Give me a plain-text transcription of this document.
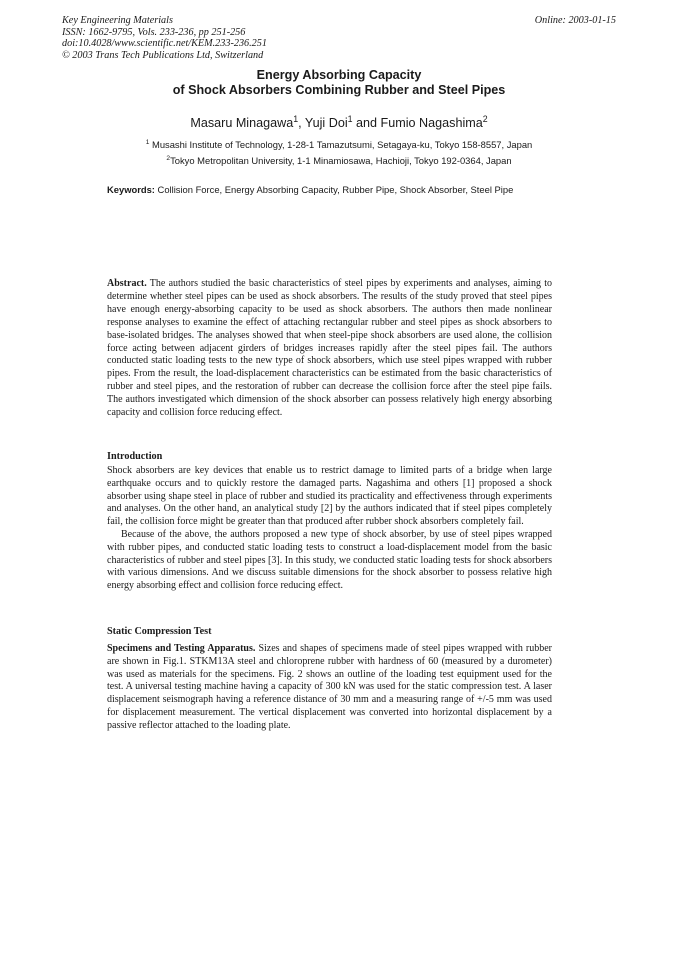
Key Engineering Materials
ISSN: 1662-9795, Vols. 233-236, pp 251-256
doi:10.4028/www.scientific.net/KEM.233-236.251
© 2003 Trans Tech Publications Ltd, Switzerland
Online: 2003-01-15
Energy Absorbing Capacity
of Shock Absorbers Combining Rubber and Steel Pipes
Masaru Minagawa$^1$, Yuji Doi$^1$ and Fumio Nagashima$^2$
$^1$ Musashi Institute of Technology, 1-28-1 Tamazutsumi, Setagaya-ku, Tokyo 158-8557, Japan
$^2$Tokyo Metropolitan University, 1-1 Minamiosawa, Hachioji, Tokyo 192-0364, Japan
Keywords: Collision Force, Energy Absorbing Capacity, Rubber Pipe, Shock Absorber, Steel Pipe
Abstract. The authors studied the basic characteristics of steel pipes by experiments and analyses, aiming to determine whether steel pipes can be used as shock absorbers. The results of the study proved that steel pipes have enough energy-absorbing capacity to be used as shock absorbers. The authors then made nonlinear response analyses to examine the effect of attaching rectangular rubber and steel pipes as shock absorbers to base-isolated bridges. The analyses showed that when steel-pipe shock absorbers are used alone, the collision force acting between adjacent girders of bridges increases rapidly after the steel pipes fail. The authors conducted static loading tests to the new type of shock absorbers, which use steel pipes wrapped with rubber pipes. From the result, the load-displacement characteristics can be estimated from the basic characteristics of rubber and steel pipes, and the restoration of rubber can decrease the collision force after the steel pipe fails. The authors investigated which dimension of the shock absorber can possess relatively high energy absorbing capacity and collision force reducing effect.
Introduction

Shock absorbers are key devices that enable us to restrict damage to limited parts of a bridge when large earthquake occurs and to quickly restore the damaged parts. Nagashima and others [1] proposed a shock absorber using shape steel in place of rubber and studied its practicality and effectiveness through experiments and analyses. On the other hand, an analytical study [2] by the authors indicated that if steel pipes completely fail, the collision force might be greater than that produced after rubber shock absorbers completely fail.

Because of the above, the authors proposed a new type of shock absorber, by use of steel pipes wrapped with rubber pipes, and conducted static loading tests to construct a load-displacement model from the basic characteristics of rubber and steel pipes [3]. In this study, we conducted static loading tests for shock absorbers with various dimensions. And we discuss suitable dimensions for the shock absorber to possess relative high energy absorbing effect and collision force reducing effect.

Static Compression Test
Specimens and Testing Apparatus. Sizes and shapes of specimens made of steel pipes wrapped with rubber are shown in Fig.1. STKM13A steel and chloroprene rubber with hardness of 60 (measured by a durometer) was used as materials for the specimens. Fig. 2 shows an outline of the loading test equipment used for the test. A universal testing machine having a capacity of 300 kN was used for the static compression test. A laser displacement seismograph having a reference distance of 30 mm and a measuring range of +/-5 mm was used for displacement measurement. The vertical displacement was converted into horizontal displacement by a passive reflector attached to the loading plate.
